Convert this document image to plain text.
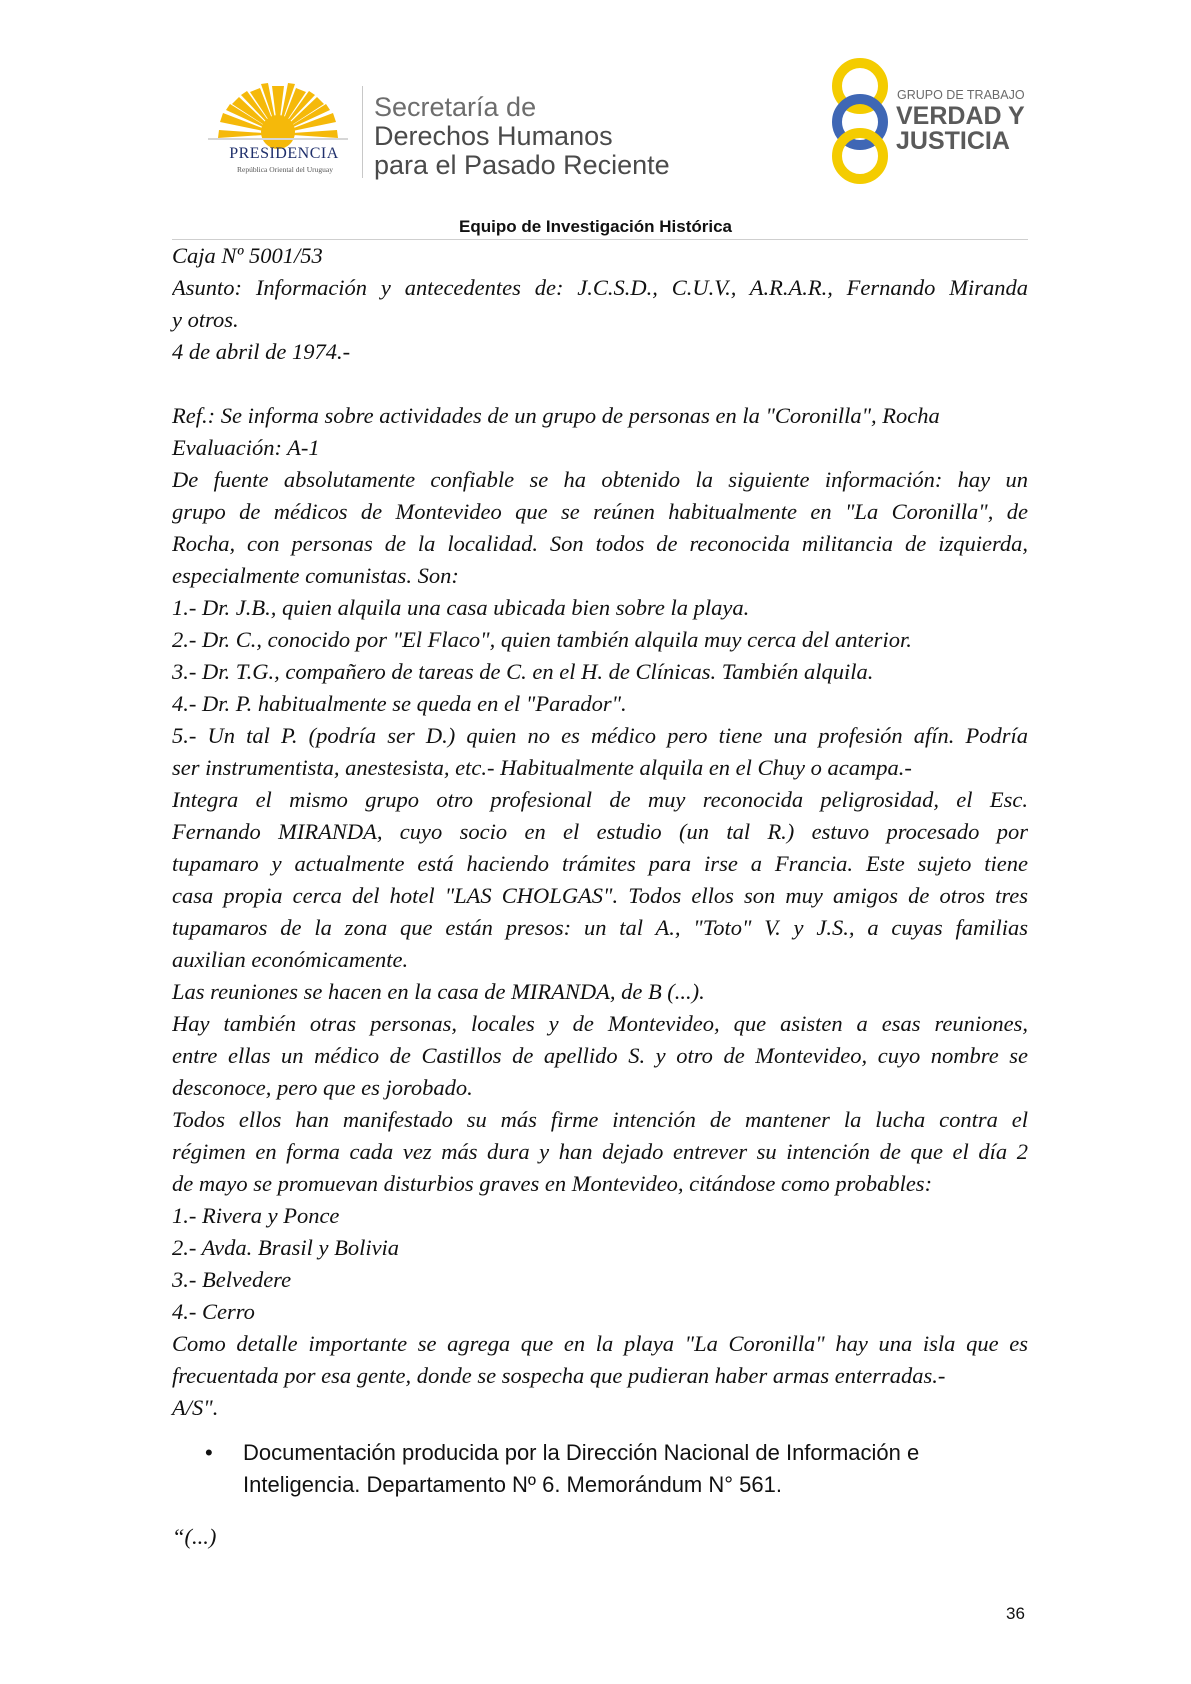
PRESIDENCIA
República Oriental del Uruguay
Secretaría de
Derechos Humanos
para el Pasado Reciente
GRUPO DE TRABAJO
VERDAD Y
JUSTICIA
Equipo de Investigación Histórica
Caja Nº 5001/53
Asunto: Información y antecedentes de: J.C.S.D., C.U.V., A.R.A.R., Fernando Miranda
y otros.
4 de abril de 1974.-
Ref.: Se informa sobre actividades de un grupo de personas en la "Coronilla", Rocha
Evaluación: A-1
De fuente absolutamente confiable se ha obtenido la siguiente información: hay un
grupo de médicos de Montevideo que se reúnen habitualmente en "La Coronilla", de
Rocha, con personas de la localidad. Son todos de reconocida militancia de izquierda,
especialmente comunistas. Son:
1.- Dr. J.B., quien alquila una casa ubicada bien sobre la playa.
2.- Dr. C., conocido por "El Flaco", quien también alquila muy cerca del anterior.
3.- Dr. T.G., compañero de tareas de C. en el H. de Clínicas. También alquila.
4.- Dr. P. habitualmente se queda en el "Parador".
5.- Un tal P. (podría ser D.) quien no es médico pero tiene una profesión afín. Podría
ser instrumentista, anestesista, etc.- Habitualmente alquila en el Chuy o acampa.-
Integra el mismo grupo otro profesional de muy reconocida peligrosidad, el Esc.
Fernando MIRANDA, cuyo socio en el estudio (un tal R.) estuvo procesado por
tupamaro y actualmente está haciendo trámites para irse a Francia. Este sujeto tiene
casa propia cerca del hotel "LAS CHOLGAS". Todos ellos son muy amigos de otros tres
tupamaros de la zona que están presos: un tal A., "Toto" V. y J.S., a cuyas familias
auxilian económicamente.
Las reuniones se hacen en la casa de MIRANDA, de B (...).
Hay también otras personas, locales y de Montevideo, que asisten a esas reuniones,
entre ellas un médico de Castillos de apellido S. y otro de Montevideo, cuyo nombre se
desconoce, pero que es jorobado.
Todos ellos han manifestado su más firme intención de mantener la lucha contra el
régimen en forma cada vez más dura y han dejado entrever su intención de que el día 2
de mayo se promuevan disturbios graves en Montevideo, citándose como probables:
1.- Rivera y Ponce
2.- Avda. Brasil y Bolivia
3.- Belvedere
4.- Cerro
Como detalle importante se agrega que en la playa "La Coronilla" hay una isla que es
frecuentada por esa gente, donde se sospecha que pudieran haber armas enterradas.-
A/S".
• Documentación producida por la Dirección Nacional de Información e Inteligencia. Departamento Nº 6. Memorándum N° 561.
“(...)
36
